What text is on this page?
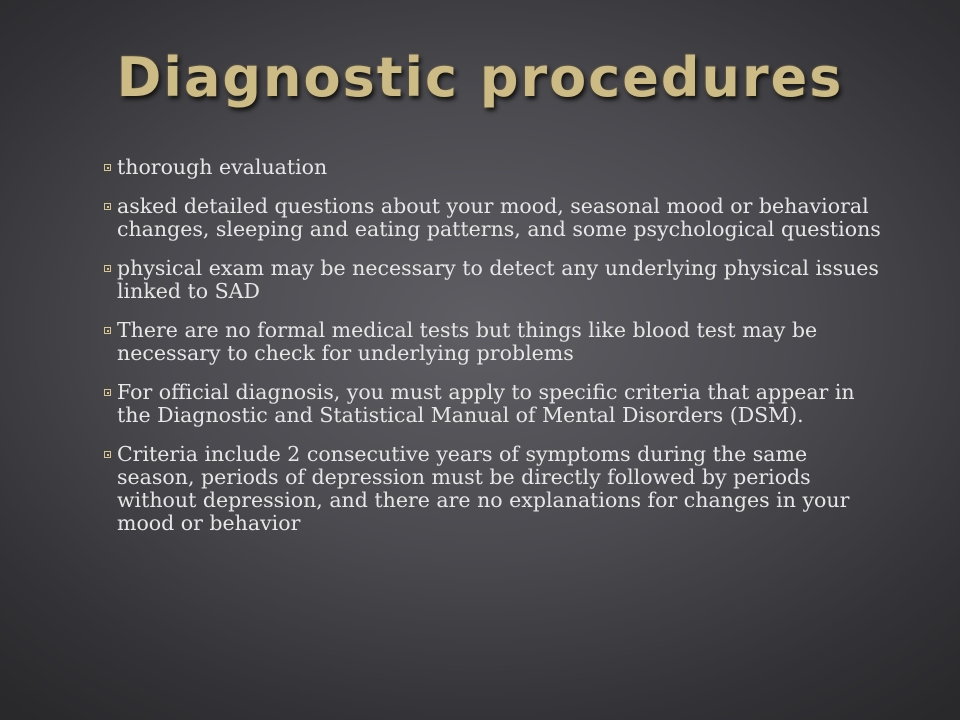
Diagnostic procedures
thorough evaluation
asked detailed questions about your mood, seasonal mood or behavioral changes, sleeping and eating patterns, and some psychological questions
physical exam may be necessary to detect any underlying physical issues linked to SAD
There are no formal medical tests but things like blood test may be necessary to check for underlying problems
For official diagnosis, you must apply to specific criteria that appear in the Diagnostic and Statistical Manual of Mental Disorders (DSM).
Criteria include 2 consecutive years of symptoms during the same season, periods of depression must be directly followed by periods without depression, and there are no explanations for changes in your mood or behavior
